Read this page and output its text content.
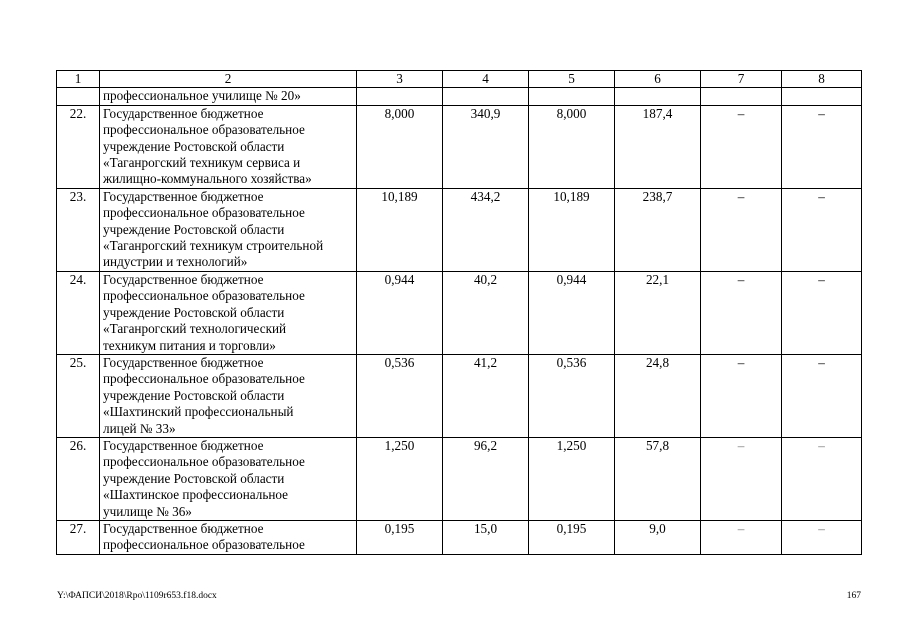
1	2	3	4	5	6	7	8
	профессиональное училище № 20»						
22.	Государственное бюджетное
профессиональное образовательное
учреждение Ростовской области
«Таганрогский техникум сервиса и
жилищно-коммунального хозяйства»	8,000	340,9	8,000	187,4	–	–
23.	Государственное бюджетное
профессиональное образовательное
учреждение Ростовской области
«Таганрогский техникум строительной
индустрии и технологий»	10,189	434,2	10,189	238,7	–	–
24.	Государственное бюджетное
профессиональное образовательное
учреждение Ростовской области
«Таганрогский технологический
техникум питания и торговли»	0,944	40,2	0,944	22,1	–	–
25.	Государственное бюджетное
профессиональное образовательное
учреждение Ростовской области
«Шахтинский профессиональный
лицей № 33»	0,536	41,2	0,536	24,8	–	–
26.	Государственное бюджетное
профессиональное образовательное
учреждение Ростовской области
«Шахтинское профессиональное
училище № 36»	1,250	96,2	1,250	57,8	–	–
27.	Государственное бюджетное
профессиональное образовательное	0,195	15,0	0,195	9,0	–	–
Y:\ФАПСИ\2018\Rpo\1109r653.f18.docx	167
